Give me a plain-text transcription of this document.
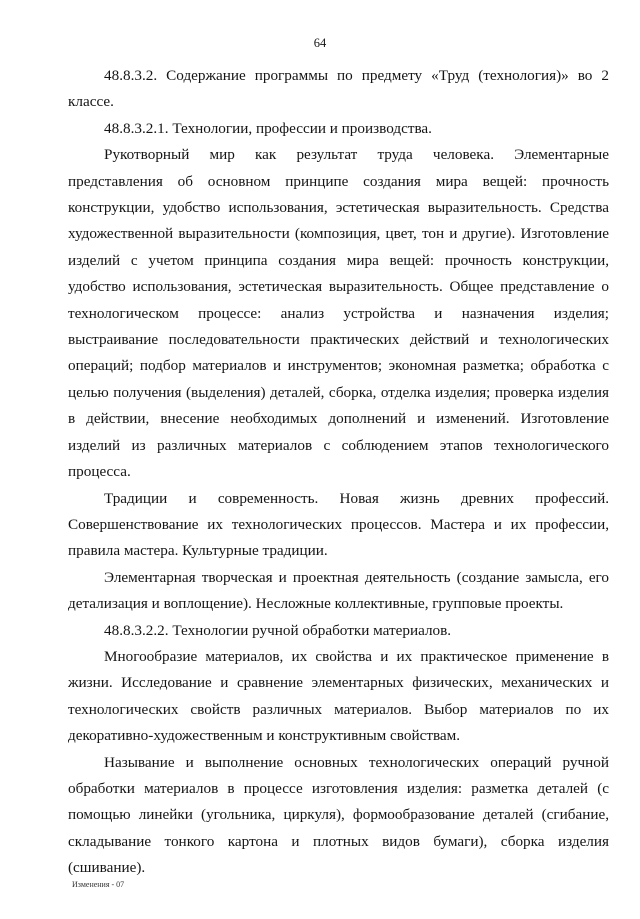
64

48.8.3.2. Содержание программы по предмету «Труд (технология)» во 2 классе.

48.8.3.2.1. Технологии, профессии и производства.

Рукотворный мир как результат труда человека. Элементарные представления об основном принципе создания мира вещей: прочность конструкции, удобство использования, эстетическая выразительность. Средства художественной выразительности (композиция, цвет, тон и другие). Изготовление изделий с учетом принципа создания мира вещей: прочность конструкции, удобство использования, эстетическая выразительность. Общее представление о технологическом процессе: анализ устройства и назначения изделия; выстраивание последовательности практических действий и технологических операций; подбор материалов и инструментов; экономная разметка; обработка с целью получения (выделения) деталей, сборка, отделка изделия; проверка изделия в действии, внесение необходимых дополнений и изменений. Изготовление изделий из различных материалов с соблюдением этапов технологического процесса.

Традиции и современность. Новая жизнь древних профессий. Совершенствование их технологических процессов. Мастера и их профессии, правила мастера. Культурные традиции.

Элементарная творческая и проектная деятельность (создание замысла, его детализация и воплощение). Несложные коллективные, групповые проекты.

48.8.3.2.2. Технологии ручной обработки материалов.

Многообразие материалов, их свойства и их практическое применение в жизни. Исследование и сравнение элементарных физических, механических и технологических свойств различных материалов. Выбор материалов по их декоративно-художественным и конструктивным свойствам.

Называние и выполнение основных технологических операций ручной обработки материалов в процессе изготовления изделия: разметка деталей (с помощью линейки (угольника, циркуля), формообразование деталей (сгибание, складывание тонкого картона и плотных видов бумаги), сборка изделия (сшивание).

Изменения - 07
